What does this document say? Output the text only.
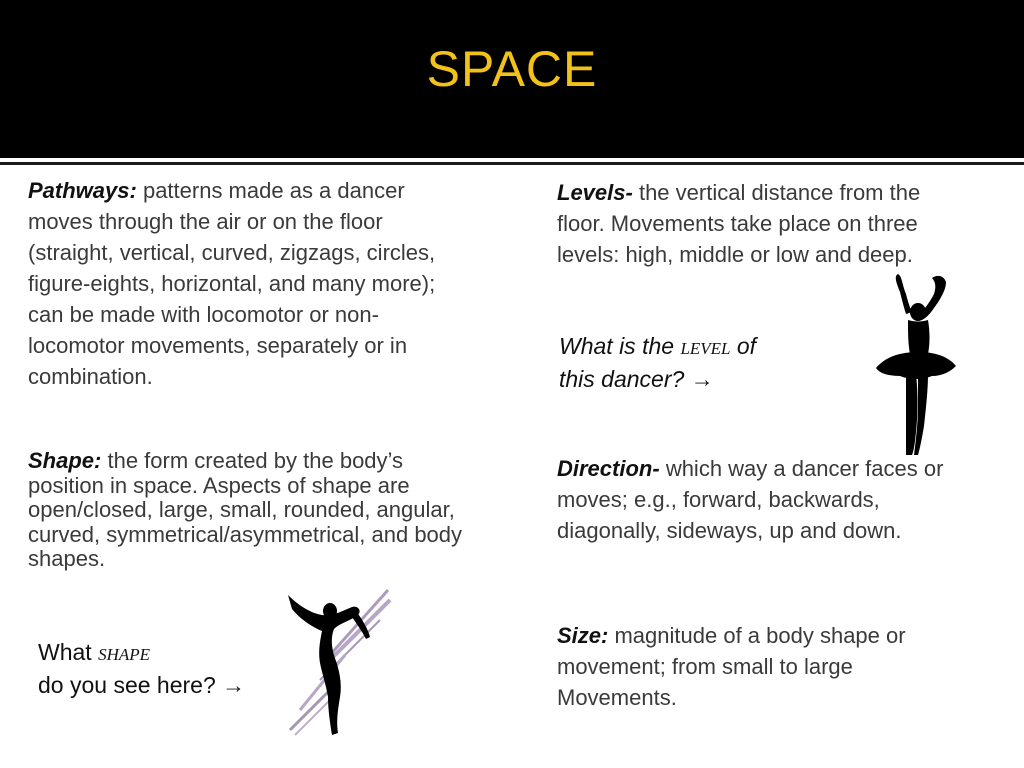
SPACE
Pathways: patterns made as a dancer moves through the air or on the floor (straight, vertical, curved, zigzags, circles, figure-eights, horizontal, and many more); can be made with locomotor or non-locomotor movements, separately or in combination.
Shape: the form created by the body’s position in space. Aspects of shape are open/closed, large, small, rounded, angular, curved, symmetrical/asymmetrical, and body shapes.
What SHAPE
do you see here? →
Levels- the vertical distance from the floor. Movements take place on three levels: high, middle or low and deep.
What is the LEVEL of
this dancer? →
Direction- which way a dancer faces or moves; e.g., forward, backwards, diagonally, sideways, up and down.
Size: magnitude of a body shape or movement; from small to large Movements.
